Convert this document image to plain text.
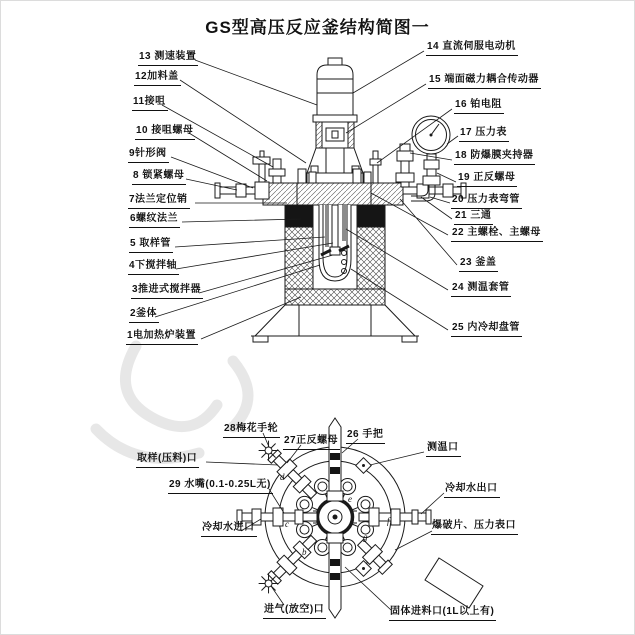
GS型高压反应釜结构简图一
13 测速装置
12加料盖
11接咀
10 接咀螺母
9针形阀
8 锁紧螺母
7法兰定位销
6螺纹法兰
5 取样管
4下搅拌轴
3推进式搅拌器
2釜体
1电加热炉装置
14 直流伺服电动机
15 端面磁力耦合传动器
16 铂电阻
17 压力表
18 防爆膜夹持器
19 正反螺母
20 压力表弯管
21 三通
22 主螺栓、主螺母
23 釜盖
24 测温套管
25 内冷却盘管
28梅花手轮
27正反螺母
26 手把
测温口
取样(压料)口
29 水嘴(0.1-0.25L无)
冷却水进口
冷却水出口
爆破片、压力表口
进气(放空)口	固体进料口(1L以上有)
d
c
b
e
g
f
